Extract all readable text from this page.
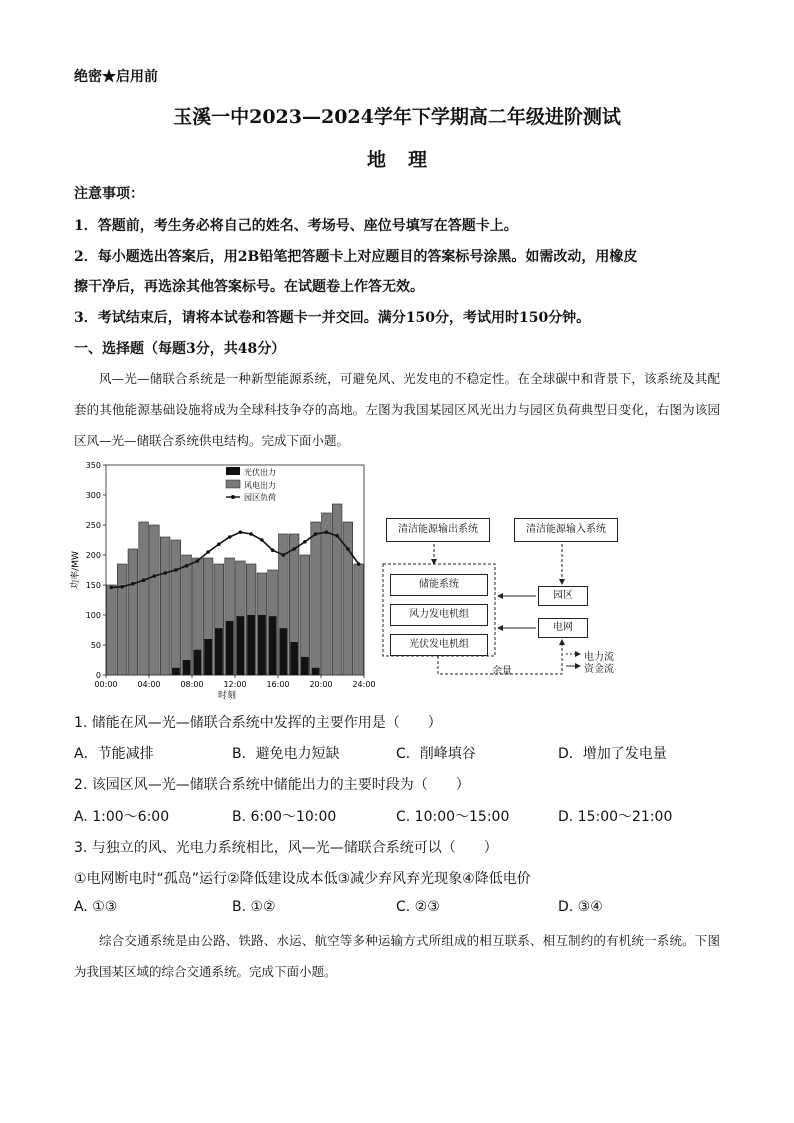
绝密★启用前
玉溪一中2023—2024学年下学期高二年级进阶测试
地理
注意事项：
1．答题前，考生务必将自己的姓名、考场号、座位号填写在答题卡上。
2．每小题选出答案后，用2B铅笔把答题卡上对应题目的答案标号涂黑。如需改动，用橡皮
擦干净后，再选涂其他答案标号。在试题卷上作答无效。
3．考试结束后，请将本试卷和答题卡一并交回。满分150分，考试用时150分钟。
一、选择题（每题3分，共48分）
风—光—储联合系统是一种新型能源系统，可避免风、光发电的不稳定性。在全球碳中和背景下，该系统及其配套的其他能源基础设施将成为全球科技争夺的高地。左图为我国某园区风光出力与园区负荷典型日变化，右图为该园区风—光—储联合系统供电结构。完成下面小题。
0
50
100
150
200
250
300
350
00:00 04:00 08:00 12:00 16:00 20:00 24:00
功率/MW
时刻
光伏出力
风电出力
园区负荷
清洁能源输出系统	清洁能源输入系统
储能系统
风力发电机组
光伏发电机组
园区
电网
余量
电力流
资金流
1. 储能在风—光—储联合系统中发挥的主要作用是（　　）
A．节能减排	B．避免电力短缺	C．削峰填谷	D．增加了发电量
2. 该园区风—光—储联合系统中储能出力的主要时段为（　　）
A. 1:00～6:00	B. 6:00～10:00	C. 10:00～15:00	D. 15:00～21:00
3. 与独立的风、光电力系统相比，风—光—储联合系统可以（　　）
①电网断电时“孤岛”运行②降低建设成本低③减少弃风弃光现象④降低电价
A. ①③	B. ①②	C. ②③	D. ③④
综合交通系统是由公路、铁路、水运、航空等多种运输方式所组成的相互联系、相互制约的有机统一系统。下图为我国某区域的综合交通系统。完成下面小题。
